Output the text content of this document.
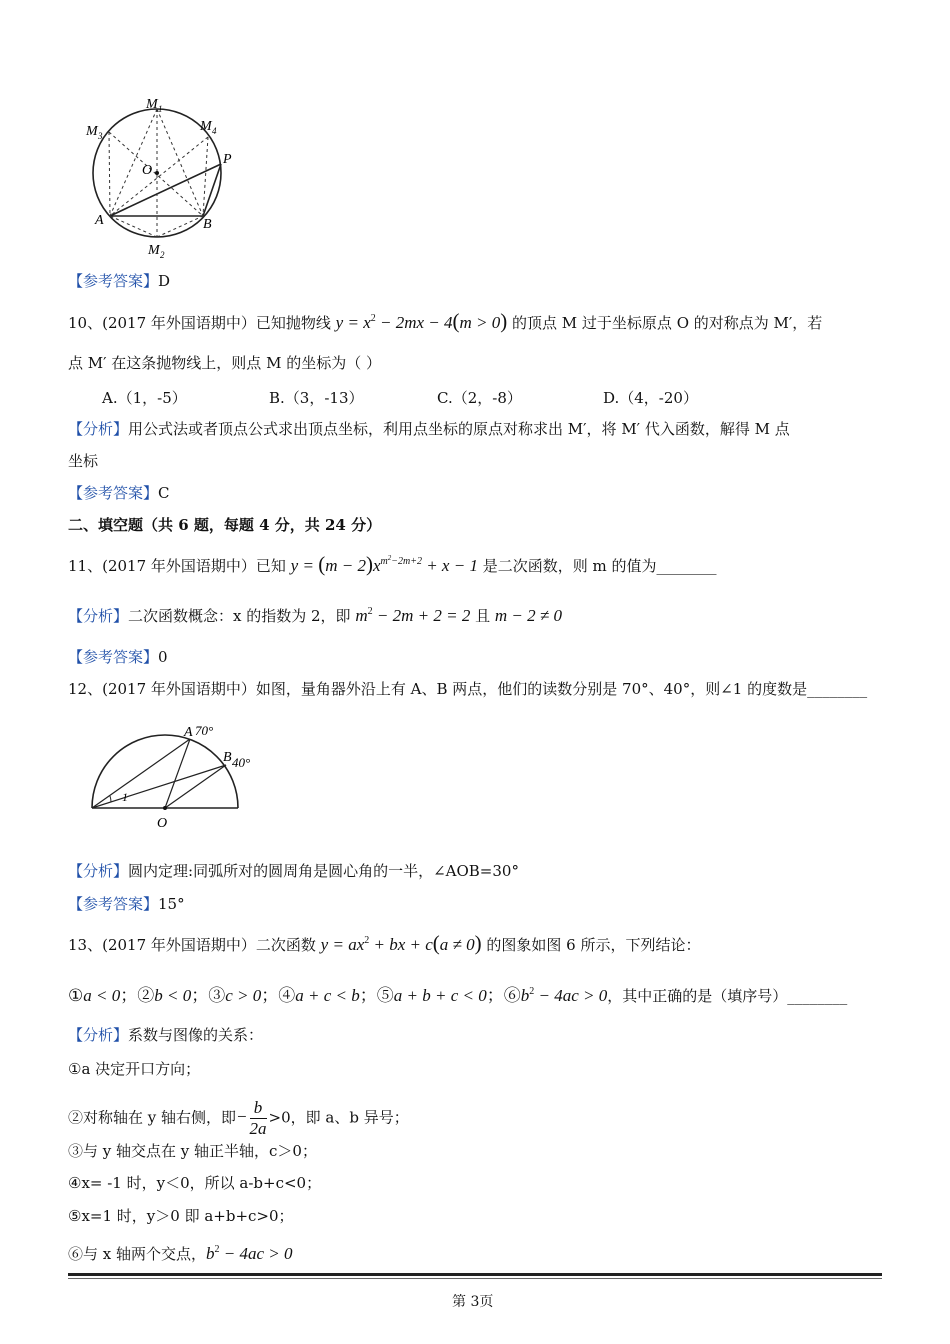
M 1
M 3
M 4
O
P
A	B
M 2
【参考答案】D
10、(2017 年外国语期中）已知抛物线 $y = x^2 - 2mx - 4(m > 0)$ 的顶点 M 过于坐标原点 O 的对称点为 M′，若
点 M′ 在这条抛物线上，则点 M 的坐标为（ ）
A.（1，-5）	B.（3，-13）	C.（2，-8）	D.（4，-20）
【分析】用公式法或者顶点公式求出顶点坐标，利用点坐标的原点对称求出 M′，将 M′ 代入函数，解得 M 点
坐标
【参考答案】C
二、填空题（共 6 题，每题 4 分，共 24 分）
11、(2017 年外国语期中）已知 $y = (m - 2)x^{m^2-2m+2} + x - 1$ 是二次函数，则 m 的值为________
【分析】二次函数概念：x 的指数为 2，即 $m^2 - 2m + 2 = 2$ 且 m − 2 ≠ 0
【参考答案】0
12、(2017 年外国语期中）如图，量角器外沿上有 A、B 两点，他们的读数分别是 70°、40°，则∠1 的度数是________
A 70°
B 40°
1
O
【分析】圆内定理:同弧所对的圆周角是圆心角的一半，∠AOB=30°
【参考答案】15°
13、(2017 年外国语期中）二次函数 $y = ax^2$ + bx + c(a ≠ 0) 的图象如图 6 所示，下列结论：
①a < 0；②b < 0；③c > 0；④a + c < b；⑤a + b + c < 0；$⑥b^2 - 4ac > 0$，其中正确的是（填序号）________
【分析】系数与图像的关系：
①a 决定开口方向；
②对称轴在 y 轴右侧，即− $\frac{b}{2a} >0$，即 a、b 异号；
③与 y 轴交点在 y 轴正半轴，c＞0；
④x= -1 时，y＜0，所以 a-b+c<0；
⑤x=1 时，y＞0 即 a+b+c>0；
⑥与 x 轴两个交点，$b^2 - 4ac > 0$
第 3页
